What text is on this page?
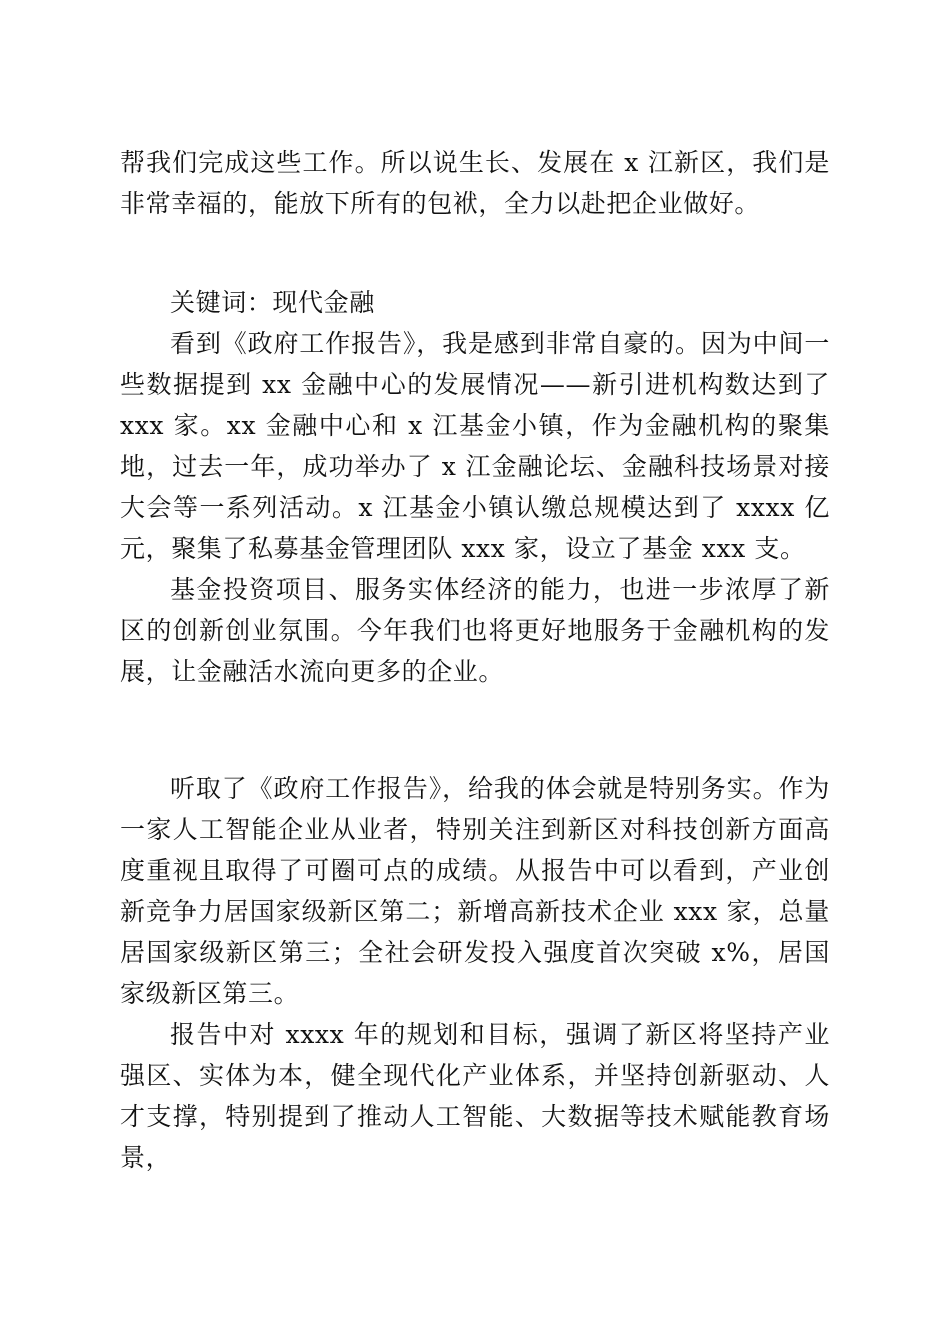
帮我们完成这些工作。所以说生长、发展在 x 江新区，我们是非常幸福的，能放下所有的包袱，全力以赴把企业做好。

关键词：现代金融

看到《政府工作报告》，我是感到非常自豪的。因为中间一些数据提到 xx 金融中心的发展情况——新引进机构数达到了 xxx 家。xx 金融中心和 x 江基金小镇，作为金融机构的聚集地，过去一年，成功举办了 x 江金融论坛、金融科技场景对接大会等一系列活动。x 江基金小镇认缴总规模达到了 xxxx 亿元，聚集了私募基金管理团队 xxx 家，设立了基金 xxx 支。

基金投资项目、服务实体经济的能力，也进一步浓厚了新区的创新创业氛围。今年我们也将更好地服务于金融机构的发展，让金融活水流向更多的企业。

听取了《政府工作报告》，给我的体会就是特别务实。作为一家人工智能企业从业者，特别关注到新区对科技创新方面高度重视且取得了可圈可点的成绩。从报告中可以看到，产业创新竞争力居国家级新区第二；新增高新技术企业 xxx 家，总量居国家级新区第三；全社会研发投入强度首次突破 x%，居国家级新区第三。

报告中对 xxxx 年的规划和目标，强调了新区将坚持产业强区、实体为本，健全现代化产业体系，并坚持创新驱动、人才支撑，特别提到了推动人工智能、大数据等技术赋能教育场景，
